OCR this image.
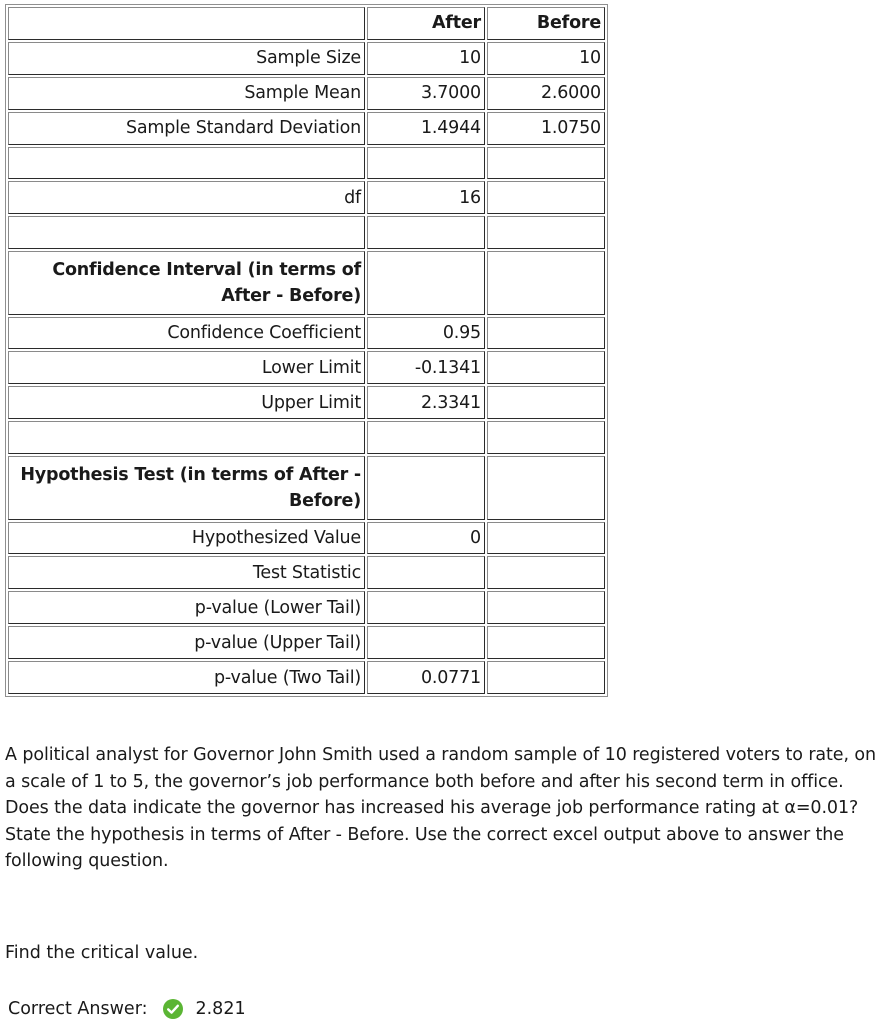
	After	Before
Sample Size	10	10
Sample Mean	3.7000	2.6000
Sample Standard Deviation	1.4944	1.0750

df	16	

Confidence Interval (in terms of After - Before)		
Confidence Coefficient	0.95	
Lower Limit	-0.1341	
Upper Limit	2.3341	

Hypothesis Test (in terms of After - Before)		
Hypothesized Value	0	
Test Statistic		
p-value (Lower Tail)		
p-value (Upper Tail)		
p-value (Two Tail)	0.0771	

A political analyst for Governor John Smith used a random sample of 10 registered voters to rate, on a scale of 1 to 5, the governor’s job performance both before and after his second term in office. Does the data indicate the governor has increased his average job performance rating at α=0.01? State the hypothesis in terms of After - Before. Use the correct excel output above to answer the following question.

Find the critical value.

Correct Answer:	2.821
